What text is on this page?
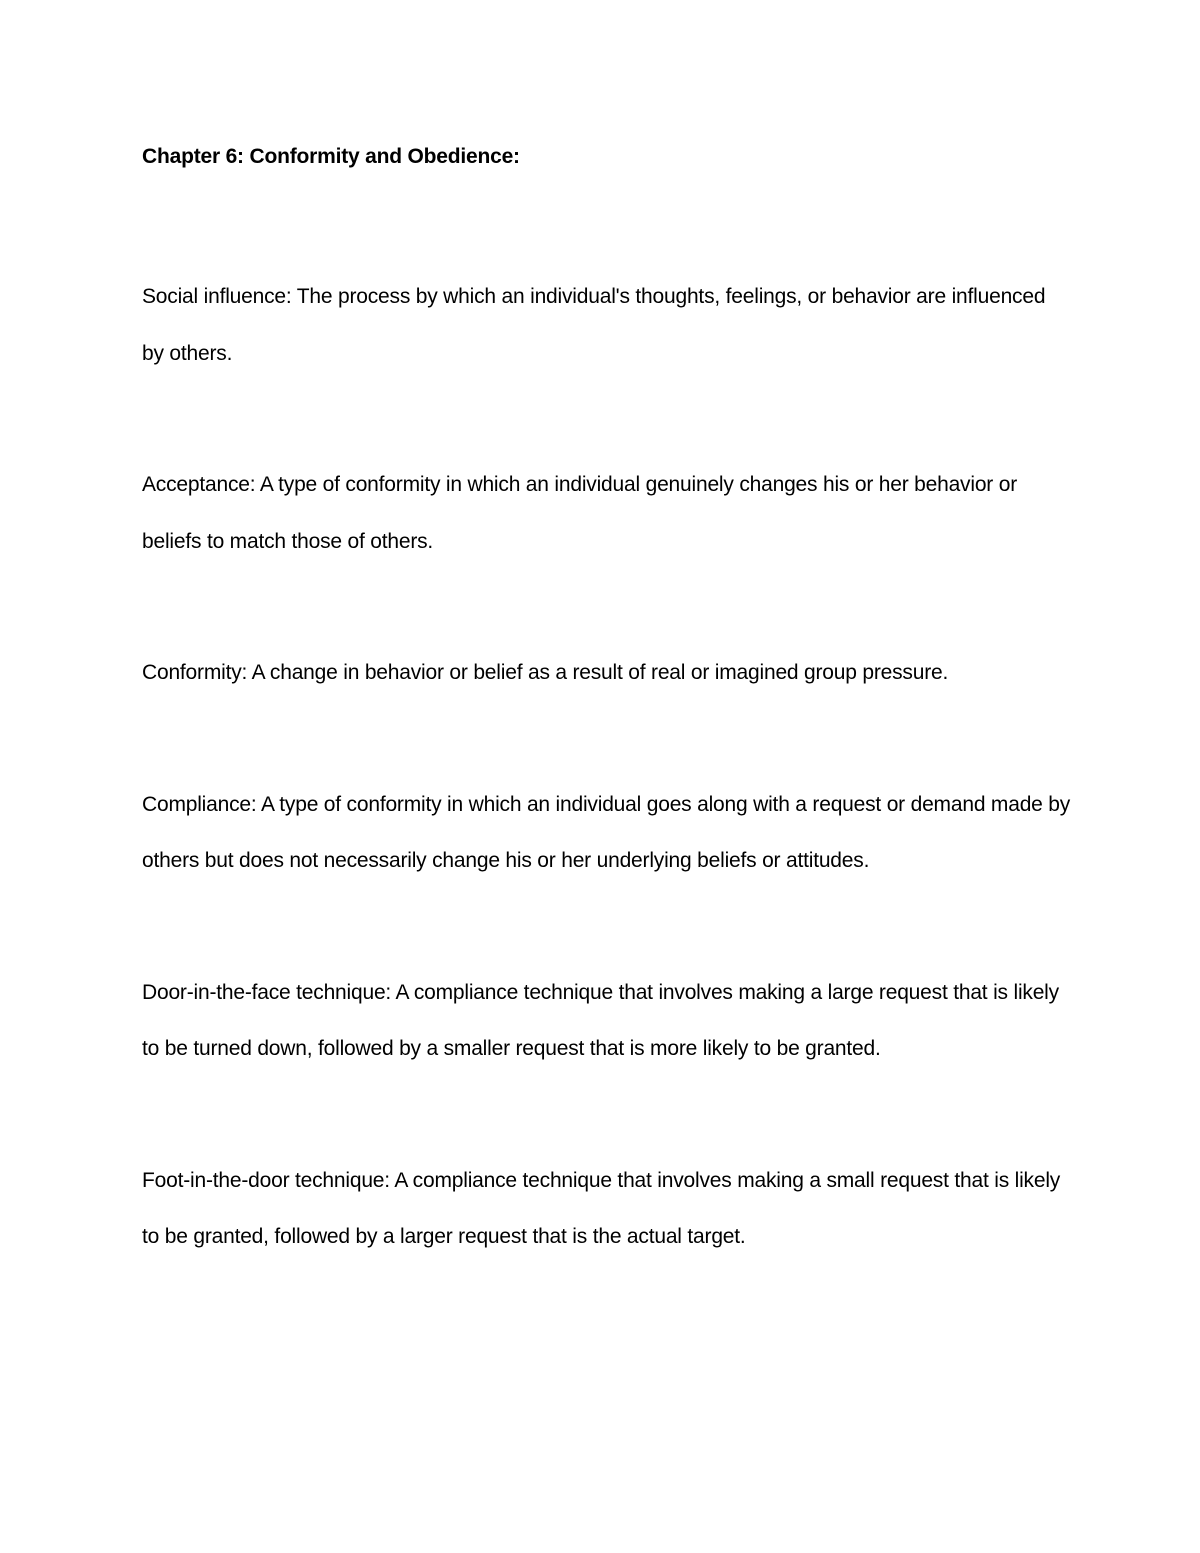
Chapter 6: Conformity and Obedience:

Social influence: The process by which an individual's thoughts, feelings, or behavior are influenced by others.

Acceptance: A type of conformity in which an individual genuinely changes his or her behavior or beliefs to match those of others.

Conformity: A change in behavior or belief as a result of real or imagined group pressure.

Compliance: A type of conformity in which an individual goes along with a request or demand made by others but does not necessarily change his or her underlying beliefs or attitudes.

Door-in-the-face technique: A compliance technique that involves making a large request that is likely to be turned down, followed by a smaller request that is more likely to be granted.

Foot-in-the-door technique: A compliance technique that involves making a small request that is likely to be granted, followed by a larger request that is the actual target.
